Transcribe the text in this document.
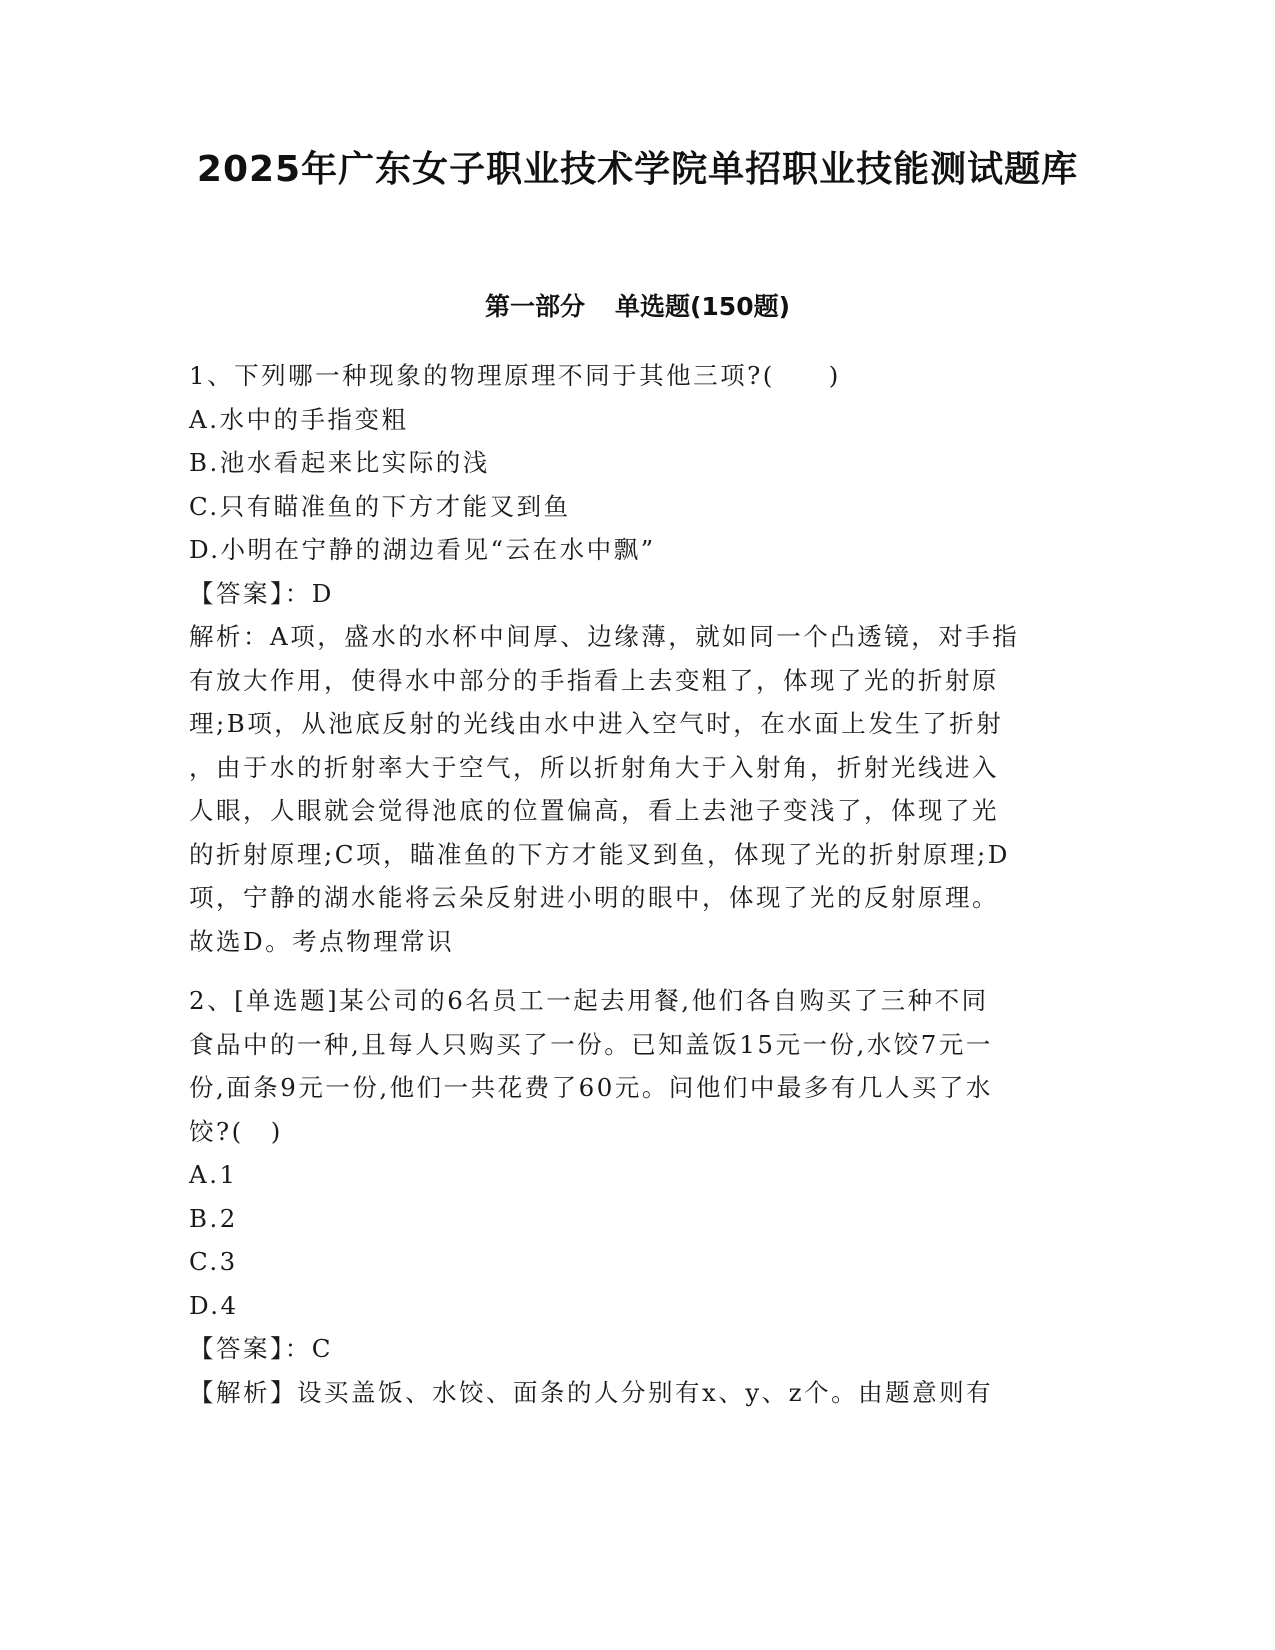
2025年广东女子职业技术学院单招职业技能测试题库
第一部分 单选题(150题)
1、下列哪一种现象的物理原理不同于其他三项?(　　)
A.水中的手指变粗
B.池水看起来比实际的浅
C.只有瞄准鱼的下方才能叉到鱼
D.小明在宁静的湖边看见“云在水中飘”
【答案】：D
解析：A项，盛水的水杯中间厚、边缘薄，就如同一个凸透镜，对手指
有放大作用，使得水中部分的手指看上去变粗了，体现了光的折射原
理;B项，从池底反射的光线由水中进入空气时，在水面上发生了折射
，由于水的折射率大于空气，所以折射角大于入射角，折射光线进入
人眼，人眼就会觉得池底的位置偏高，看上去池子变浅了，体现了光
的折射原理;C项，瞄准鱼的下方才能叉到鱼，体现了光的折射原理;D
项，宁静的湖水能将云朵反射进小明的眼中，体现了光的反射原理。
故选D。考点物理常识
2、[单选题]某公司的6名员工一起去用餐,他们各自购买了三种不同
食品中的一种,且每人只购买了一份。已知盖饭15元一份,水饺7元一
份,面条9元一份,他们一共花费了60元。问他们中最多有几人买了水
饺?(　)
A.1
B.2
C.3
D.4
【答案】：C
【解析】设买盖饭、水饺、面条的人分别有x、y、z个。由题意则有
